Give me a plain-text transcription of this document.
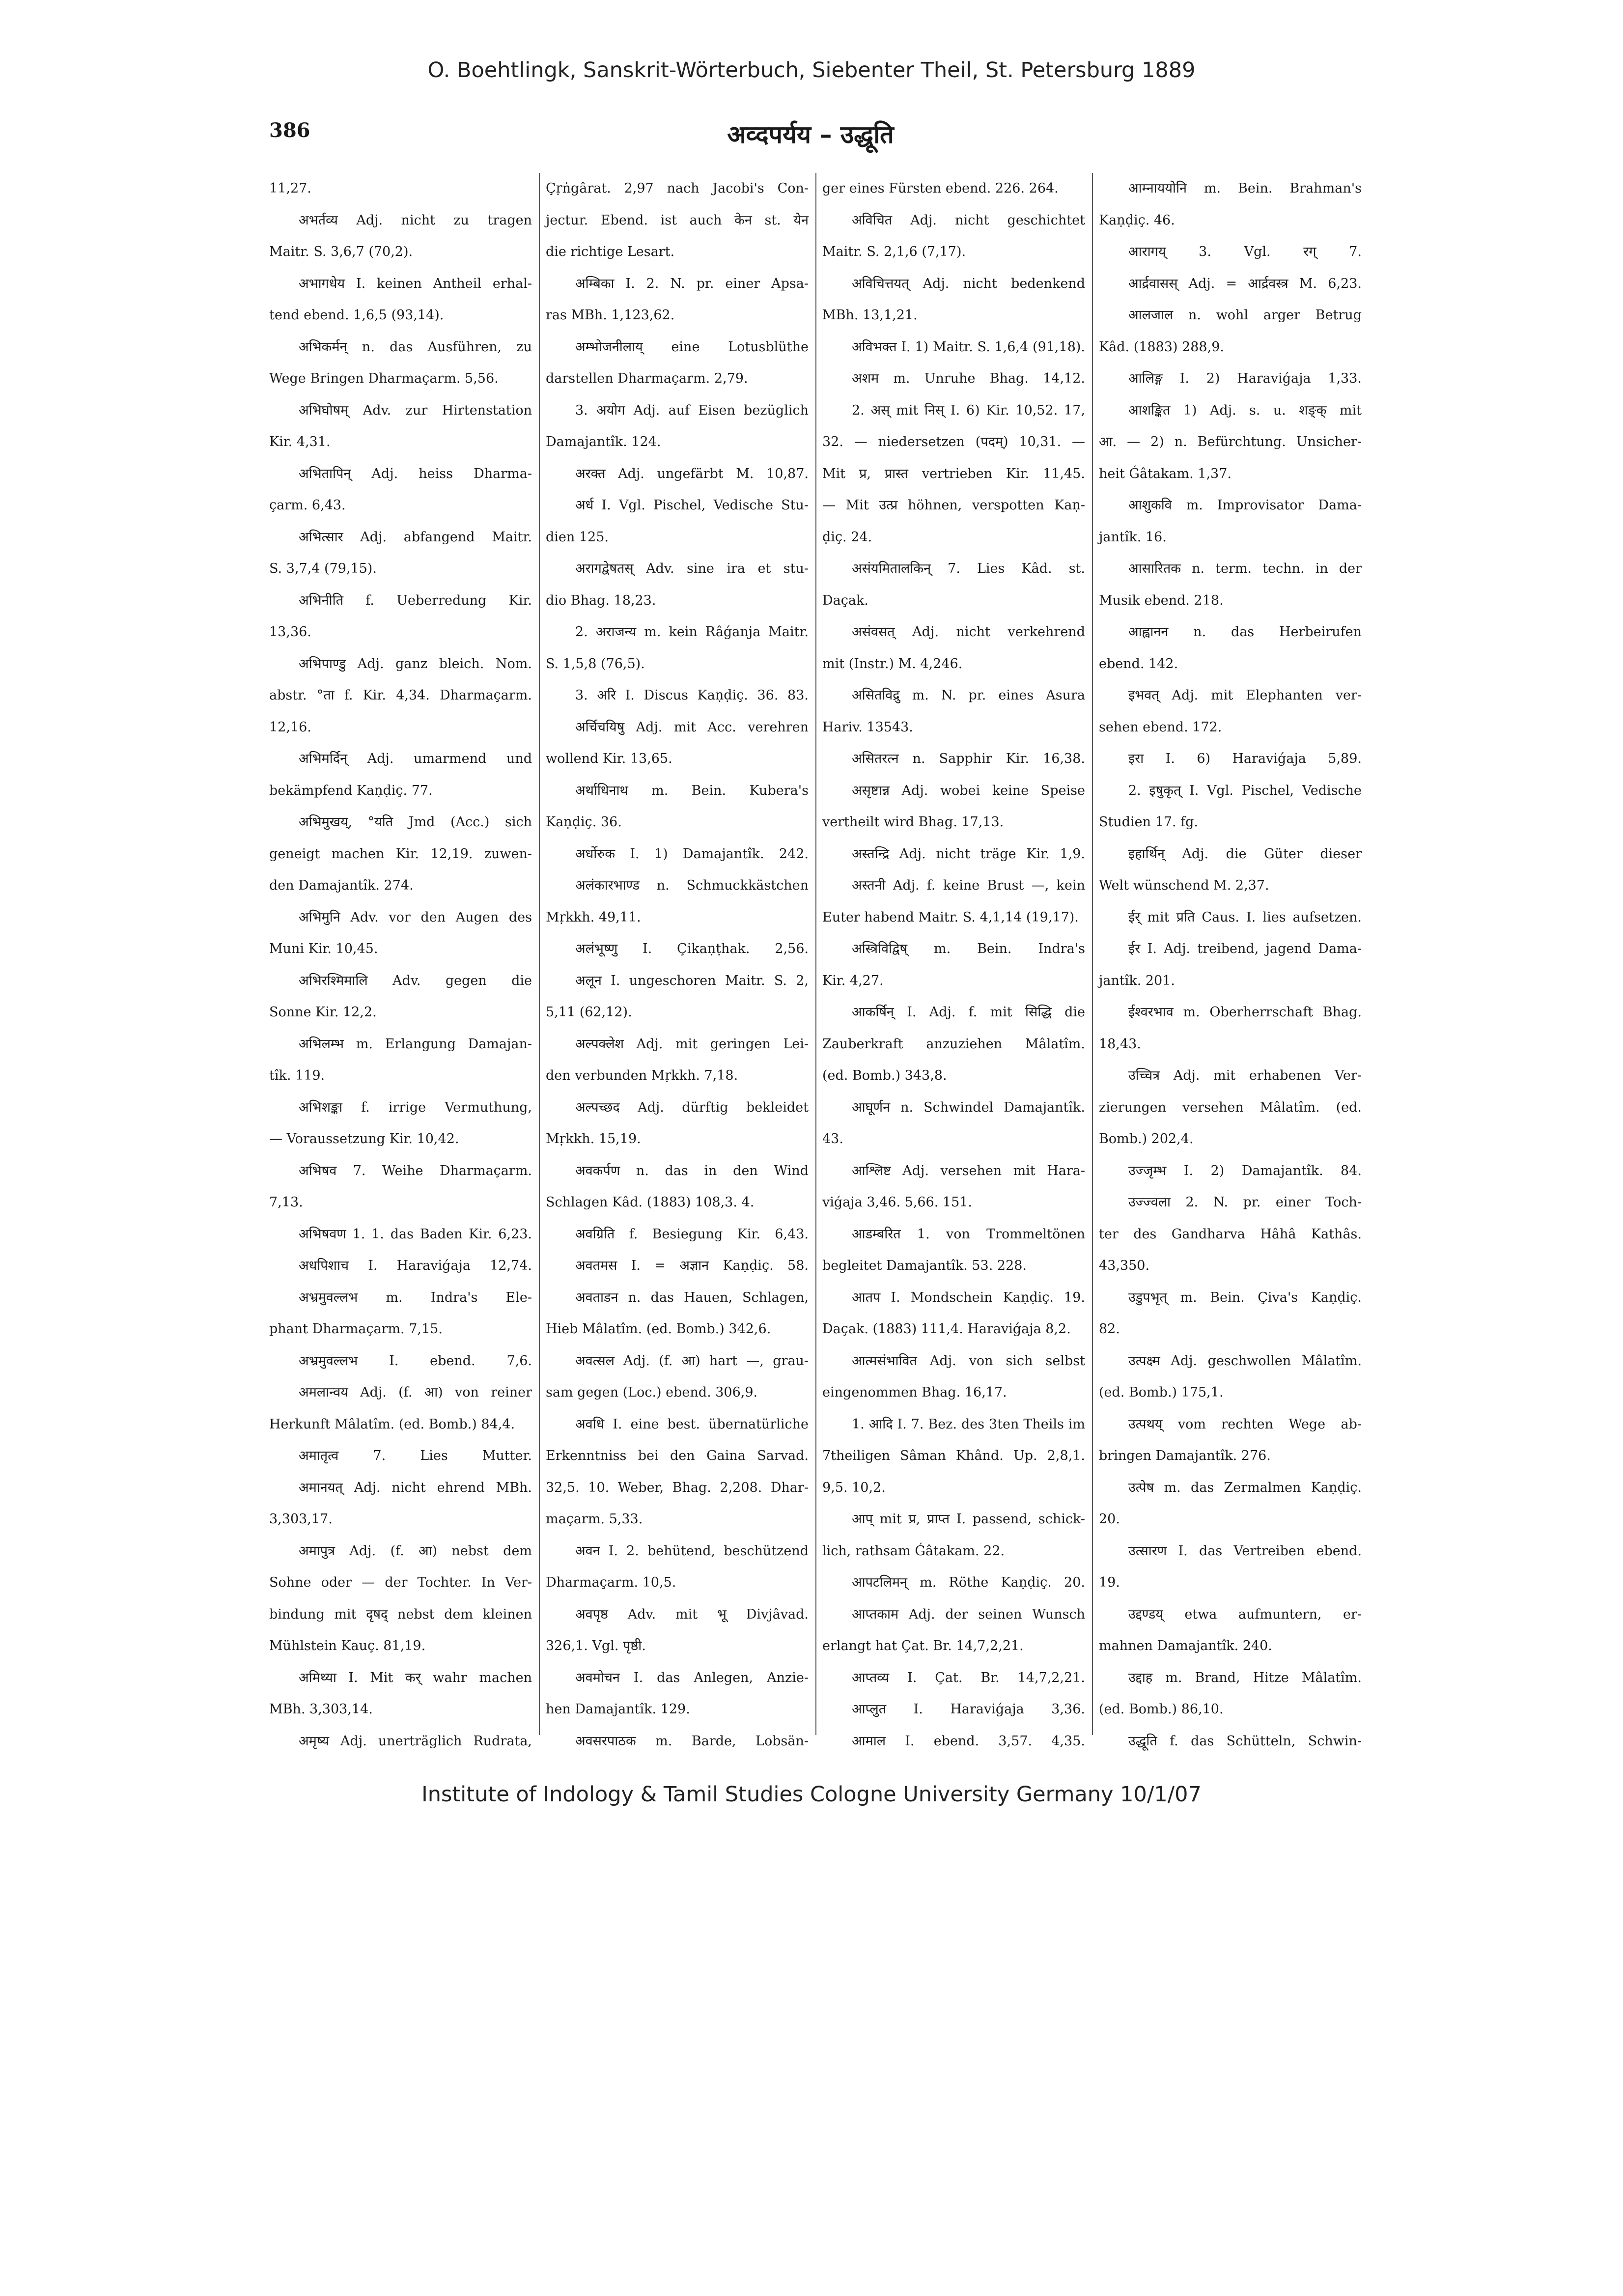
O. Boehtlingk, Sanskrit-Wörterbuch, Siebenter Theil, St. Petersburg 1889
386	अव्दपर्यय – उद्धूति
11,27.
अभर्तव्य Adj. nicht zu tragen
Maitr. S. 3,6,7 (70,2).
अभागधेय I. keinen Antheil erhal-
tend ebend. 1,6,5 (93,14).
अभिकर्मन् n. das Ausführen, zu
Wege Bringen Dharmaçarm. 5,56.
अभिघोषम् Adv. zur Hirtenstation
Kir. 4,31.
अभितापिन् Adj. heiss Dharma-
çarm. 6,43.
अभित्सार Adj. abfangend Maitr.
S. 3,7,4 (79,15).
अभिनीति f. Ueberredung Kir.
13,36.
अभिपाण्डु Adj. ganz bleich. Nom.
abstr. °ता f. Kir. 4,34. Dharmaçarm.
12,16.
अभिमर्दिन् Adj. umarmend und
bekämpfend Kaṇḍiç. 77.
अभिमुखय्, °यति Jmd (Acc.) sich
geneigt machen Kir. 12,19. zuwen-
den Damajantîk. 274.
अभिमुनि Adv. vor den Augen des
Muni Kir. 10,45.
अभिरश्मिमालि Adv. gegen die
Sonne Kir. 12,2.
अभिलम्भ m. Erlangung Damajan-
tîk. 119.
अभिशङ्का f. irrige Vermuthung,
— Voraussetzung Kir. 10,42.
अभिषव 7. Weihe Dharmaçarm.
7,13.
अभिषवण 1. 1. das Baden Kir. 6,23.
अधपिशाच I. Haraviǵaja 12,74.
अभ्रमुवल्लभ m. Indra's Ele-
phant Dharmaçarm. 7,15.
अभ्रमुवल्लभ I. ebend. 7,6.
अमलान्वय Adj. (f. आ) von reiner
Herkunft Mâlatîm. (ed. Bomb.) 84,4.
अमातृत्व 7. Lies Mutter.
अमानयत् Adj. nicht ehrend MBh.
3,303,17.
अमापुत्र Adj. (f. आ) nebst dem
Sohne oder — der Tochter. In Ver-
bindung mit दृषद् nebst dem kleinen
Mühlstein Kauç. 81,19.
अमिथ्या I. Mit कर् wahr machen
MBh. 3,303,14.
अमृष्य Adj. unerträglich Rudrata,
Çṛṅgârat. 2,97 nach Jacobi's Con-
jectur. Ebend. ist auch केन st. येन
die richtige Lesart.
अम्बिका I. 2. N. pr. einer Apsa-
ras MBh. 1,123,62.
अम्भोजनीलाय् eine Lotusblüthe
darstellen Dharmaçarm. 2,79.
3. अयोग Adj. auf Eisen bezüglich
Damajantîk. 124.
अरक्त Adj. ungefärbt M. 10,87.
अर्ध I. Vgl. Pischel, Vedische Stu-
dien 125.
अरागद्वेषतस् Adv. sine ira et stu-
dio Bhag. 18,23.
2. अराजन्य m. kein Râǵanja Maitr.
S. 1,5,8 (76,5).
3. अरि I. Discus Kaṇḍiç. 36. 83.
अर्चिचयिषु Adj. mit Acc. verehren
wollend Kir. 13,65.
अर्थाधिनाथ m. Bein. Kubera's
Kaṇḍiç. 36.
अर्धोरुक I. 1) Damajantîk. 242.
अलंकारभाण्ड n. Schmuckkästchen
Mṛkkh. 49,11.
अलंभूष्णु I. Çikaṇṭhak. 2,56.
अलून I. ungeschoren Maitr. S. 2,
5,11 (62,12).
अल्पक्लेश Adj. mit geringen Lei-
den verbunden Mṛkkh. 7,18.
अल्पच्छद Adj. dürftig bekleidet
Mṛkkh. 15,19.
अवकर्पण n. das in den Wind
Schlagen Kâd. (1883) 108,3. 4.
अवग्रिति f. Besiegung Kir. 6,43.
अवतमस I. = अज्ञान Kaṇḍiç. 58.
अवताडन n. das Hauen, Schlagen,
Hieb Mâlatîm. (ed. Bomb.) 342,6.
अवत्सल Adj. (f. आ) hart —, grau-
sam gegen (Loc.) ebend. 306,9.
अवधि I. eine best. übernatürliche
Erkenntniss bei den Gaina Sarvad.
32,5. 10. Weber, Bhag. 2,208. Dhar-
maçarm. 5,33.
अवन I. 2. behütend, beschützend
Dharmaçarm. 10,5.
अवपृष्ठ Adv. mit भू Divjâvad.
326,1. Vgl. पृष्ठी.
अवमोचन I. das Anlegen, Anzie-
hen Damajantîk. 129.
अवसरपाठक m. Barde, Lobsän-
ger eines Fürsten ebend. 226. 264.
अविचित Adj. nicht geschichtet
Maitr. S. 2,1,6 (7,17).
अविचित्तयत् Adj. nicht bedenkend
MBh. 13,1,21.
अविभक्त I. 1) Maitr. S. 1,6,4 (91,18).
अशम m. Unruhe Bhag. 14,12.
2. अस् mit निस् I. 6) Kir. 10,52. 17,
32. — niedersetzen (पदम्) 10,31. —
Mit प्र, प्रास्त vertrieben Kir. 11,45.
— Mit उत्प्र höhnen, verspotten Kaṇ-
ḍiç. 24.
असंयमितालकिन् 7. Lies Kâd. st.
Daçak.
असंवसत् Adj. nicht verkehrend
mit (Instr.) M. 4,246.
असितविद्रु m. N. pr. eines Asura
Hariv. 13543.
असितरत्न n. Sapphir Kir. 16,38.
असृष्टान्न Adj. wobei keine Speise
vertheilt wird Bhag. 17,13.
अस्तन्द्रि Adj. nicht träge Kir. 1,9.
अस्तनी Adj. f. keine Brust —, kein
Euter habend Maitr. S. 4,1,14 (19,17).
अस्त्रिविद्विष् m. Bein. Indra's
Kir. 4,27.
आकर्षिन् I. Adj. f. mit सिद्धि die
Zauberkraft anzuziehen Mâlatîm.
(ed. Bomb.) 343,8.
आघूर्णन n. Schwindel Damajantîk.
43.
आश्लिष्ट Adj. versehen mit Hara-
viǵaja 3,46. 5,66. 151.
आडम्बरित 1. von Trommeltönen
begleitet Damajantîk. 53. 228.
आतप I. Mondschein Kaṇḍiç. 19.
Daçak. (1883) 111,4. Haraviǵaja 8,2.
आत्मसंभावित Adj. von sich selbst
eingenommen Bhag. 16,17.
1. आदि I. 7. Bez. des 3ten Theils im
7theiligen Sâman Khând. Up. 2,8,1.
9,5. 10,2.
आप् mit प्र, प्राप्त I. passend, schick-
lich, rathsam Ǵâtakam. 22.
आपटलिमन् m. Röthe Kaṇḍiç. 20.
आप्तकाम Adj. der seinen Wunsch
erlangt hat Çat. Br. 14,7,2,21.
आप्तव्य I. Çat. Br. 14,7,2,21.
आप्लुत I. Haraviǵaja 3,36.
आमाल I. ebend. 3,57. 4,35.
आम्नाययोनि m. Bein. Brahman's
Kaṇḍiç. 46.
आरागय् 3. Vgl. रग् 7.
आर्द्रवासस् Adj. = आर्द्रवस्त्र M. 6,23.
आलजाल n. wohl arger Betrug
Kâd. (1883) 288,9.
आलिङ्ग I. 2) Haraviǵaja 1,33.
आशङ्कित 1) Adj. s. u. शङ्क् mit
आ. — 2) n. Befürchtung. Unsicher-
heit Ǵâtakam. 1,37.
आशुकवि m. Improvisator Dama-
jantîk. 16.
आसारितक n. term. techn. in der
Musik ebend. 218.
आह्वानन n. das Herbeirufen
ebend. 142.
इभवत् Adj. mit Elephanten ver-
sehen ebend. 172.
इरा I. 6) Haraviǵaja 5,89.
2. इषुकृत् I. Vgl. Pischel, Vedische
Studien 17. fg.
इहार्थिन् Adj. die Güter dieser
Welt wünschend M. 2,37.
ईर् mit प्रति Caus. I. lies aufsetzen.
ईर I. Adj. treibend, jagend Dama-
jantîk. 201.
ईश्वरभाव m. Oberherrschaft Bhag.
18,43.
उच्चित्र Adj. mit erhabenen Ver-
zierungen versehen Mâlatîm. (ed.
Bomb.) 202,4.
उज्जृम्भ I. 2) Damajantîk. 84.
उज्ज्वला 2. N. pr. einer Toch-
ter des Gandharva Hâhâ Kathâs.
43,350.
उडुपभृत् m. Bein. Çiva's Kaṇḍiç.
82.
उत्पक्ष्म Adj. geschwollen Mâlatîm.
(ed. Bomb.) 175,1.
उत्पथय् vom rechten Wege ab-
bringen Damajantîk. 276.
उत्पेष m. das Zermalmen Kaṇḍiç.
20.
उत्सारण I. das Vertreiben ebend.
19.
उद्दण्डय् etwa aufmuntern, er-
mahnen Damajantîk. 240.
उद्दाह m. Brand, Hitze Mâlatîm.
(ed. Bomb.) 86,10.
उद्धूति f. das Schütteln, Schwin-
Institute of Indology & Tamil Studies Cologne University Germany 10/1/07
